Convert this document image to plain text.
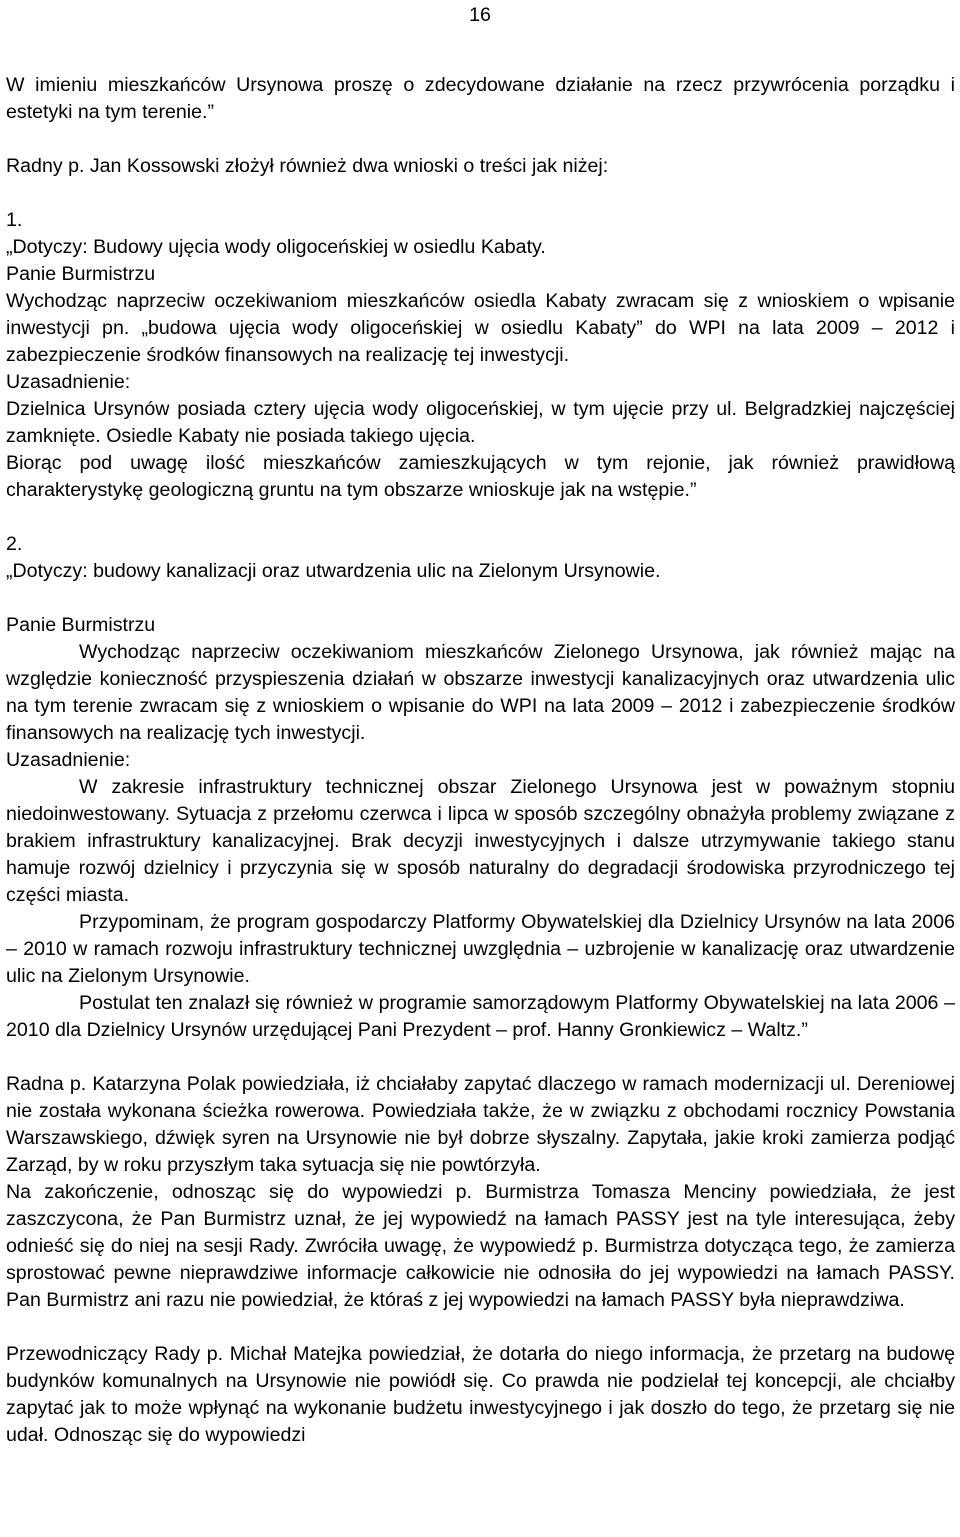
16

W imieniu mieszkańców Ursynowa proszę o zdecydowane działanie na rzecz przywrócenia porządku i estetyki na tym terenie.”

Radny p. Jan Kossowski złożył również dwa wnioski o treści jak niżej:

1.

„Dotyczy: Budowy ujęcia wody oligoceńskiej w osiedlu Kabaty.

Panie Burmistrzu

Wychodząc naprzeciw oczekiwaniom mieszkańców osiedla Kabaty zwracam się z wnioskiem o wpisanie inwestycji pn. „budowa ujęcia wody oligoceńskiej w osiedlu Kabaty” do WPI na lata 2009 – 2012 i zabezpieczenie środków finansowych na realizację tej inwestycji.

Uzasadnienie:

Dzielnica Ursynów posiada cztery ujęcia wody oligoceńskiej, w tym ujęcie przy ul. Belgradzkiej najczęściej zamknięte. Osiedle Kabaty nie posiada takiego ujęcia.

Biorąc pod uwagę ilość mieszkańców zamieszkujących w tym rejonie, jak również prawidłową charakterystykę geologiczną gruntu na tym obszarze wnioskuje jak na wstępie.”

2.

„Dotyczy: budowy kanalizacji oraz utwardzenia ulic na Zielonym Ursynowie.

Panie Burmistrzu

Wychodząc naprzeciw oczekiwaniom mieszkańców Zielonego Ursynowa, jak również mając na względzie konieczność przyspieszenia działań w obszarze inwestycji kanalizacyjnych oraz utwardzenia ulic na tym terenie zwracam się z wnioskiem o wpisanie do WPI na lata 2009 – 2012 i zabezpieczenie środków finansowych na realizację tych inwestycji.

Uzasadnienie:

W zakresie infrastruktury technicznej obszar Zielonego Ursynowa jest w poważnym stopniu niedoinwestowany. Sytuacja z przełomu czerwca i lipca w sposób szczególny obnażyła problemy związane z brakiem infrastruktury kanalizacyjnej. Brak decyzji inwestycyjnych i dalsze utrzymywanie takiego stanu hamuje rozwój dzielnicy i przyczynia się w sposób naturalny do degradacji środowiska przyrodniczego tej części miasta.

Przypominam, że program gospodarczy Platformy Obywatelskiej dla Dzielnicy Ursynów na lata 2006 – 2010 w ramach rozwoju infrastruktury technicznej uwzględnia – uzbrojenie w kanalizację oraz utwardzenie ulic na Zielonym Ursynowie.

Postulat ten znalazł się również w programie samorządowym Platformy Obywatelskiej na lata 2006 – 2010 dla Dzielnicy Ursynów urzędującej Pani Prezydent – prof. Hanny Gronkiewicz – Waltz.”

Radna p. Katarzyna Polak powiedziała, iż chciałaby zapytać dlaczego w ramach modernizacji ul. Dereniowej nie została wykonana ścieżka rowerowa. Powiedziała także, że w związku z obchodami rocznicy Powstania Warszawskiego, dźwięk syren na Ursynowie nie był dobrze słyszalny. Zapytała, jakie kroki zamierza podjąć Zarząd, by w roku przyszłym taka sytuacja się nie powtórzyła.

Na zakończenie, odnosząc się do wypowiedzi p. Burmistrza Tomasza Menciny powiedziała, że jest zaszczycona, że Pan Burmistrz uznał, że jej wypowiedź na łamach PASSY jest na tyle interesująca, żeby odnieść się do niej na sesji Rady. Zwróciła uwagę, że wypowiedź p. Burmistrza dotycząca tego, że zamierza sprostować pewne nieprawdziwe informacje całkowicie nie odnosiła do jej wypowiedzi na łamach PASSY. Pan Burmistrz ani razu nie powiedział, że któraś z jej wypowiedzi na łamach PASSY była nieprawdziwa.

Przewodniczący Rady p. Michał Matejka powiedział, że dotarła do niego informacja, że przetarg na budowę budynków komunalnych na Ursynowie nie powiódł się. Co prawda nie podzielał tej koncepcji, ale chciałby zapytać jak to może wpłynąć na wykonanie budżetu inwestycyjnego i jak doszło do tego, że przetarg się nie udał. Odnosząc się do wypowiedzi
